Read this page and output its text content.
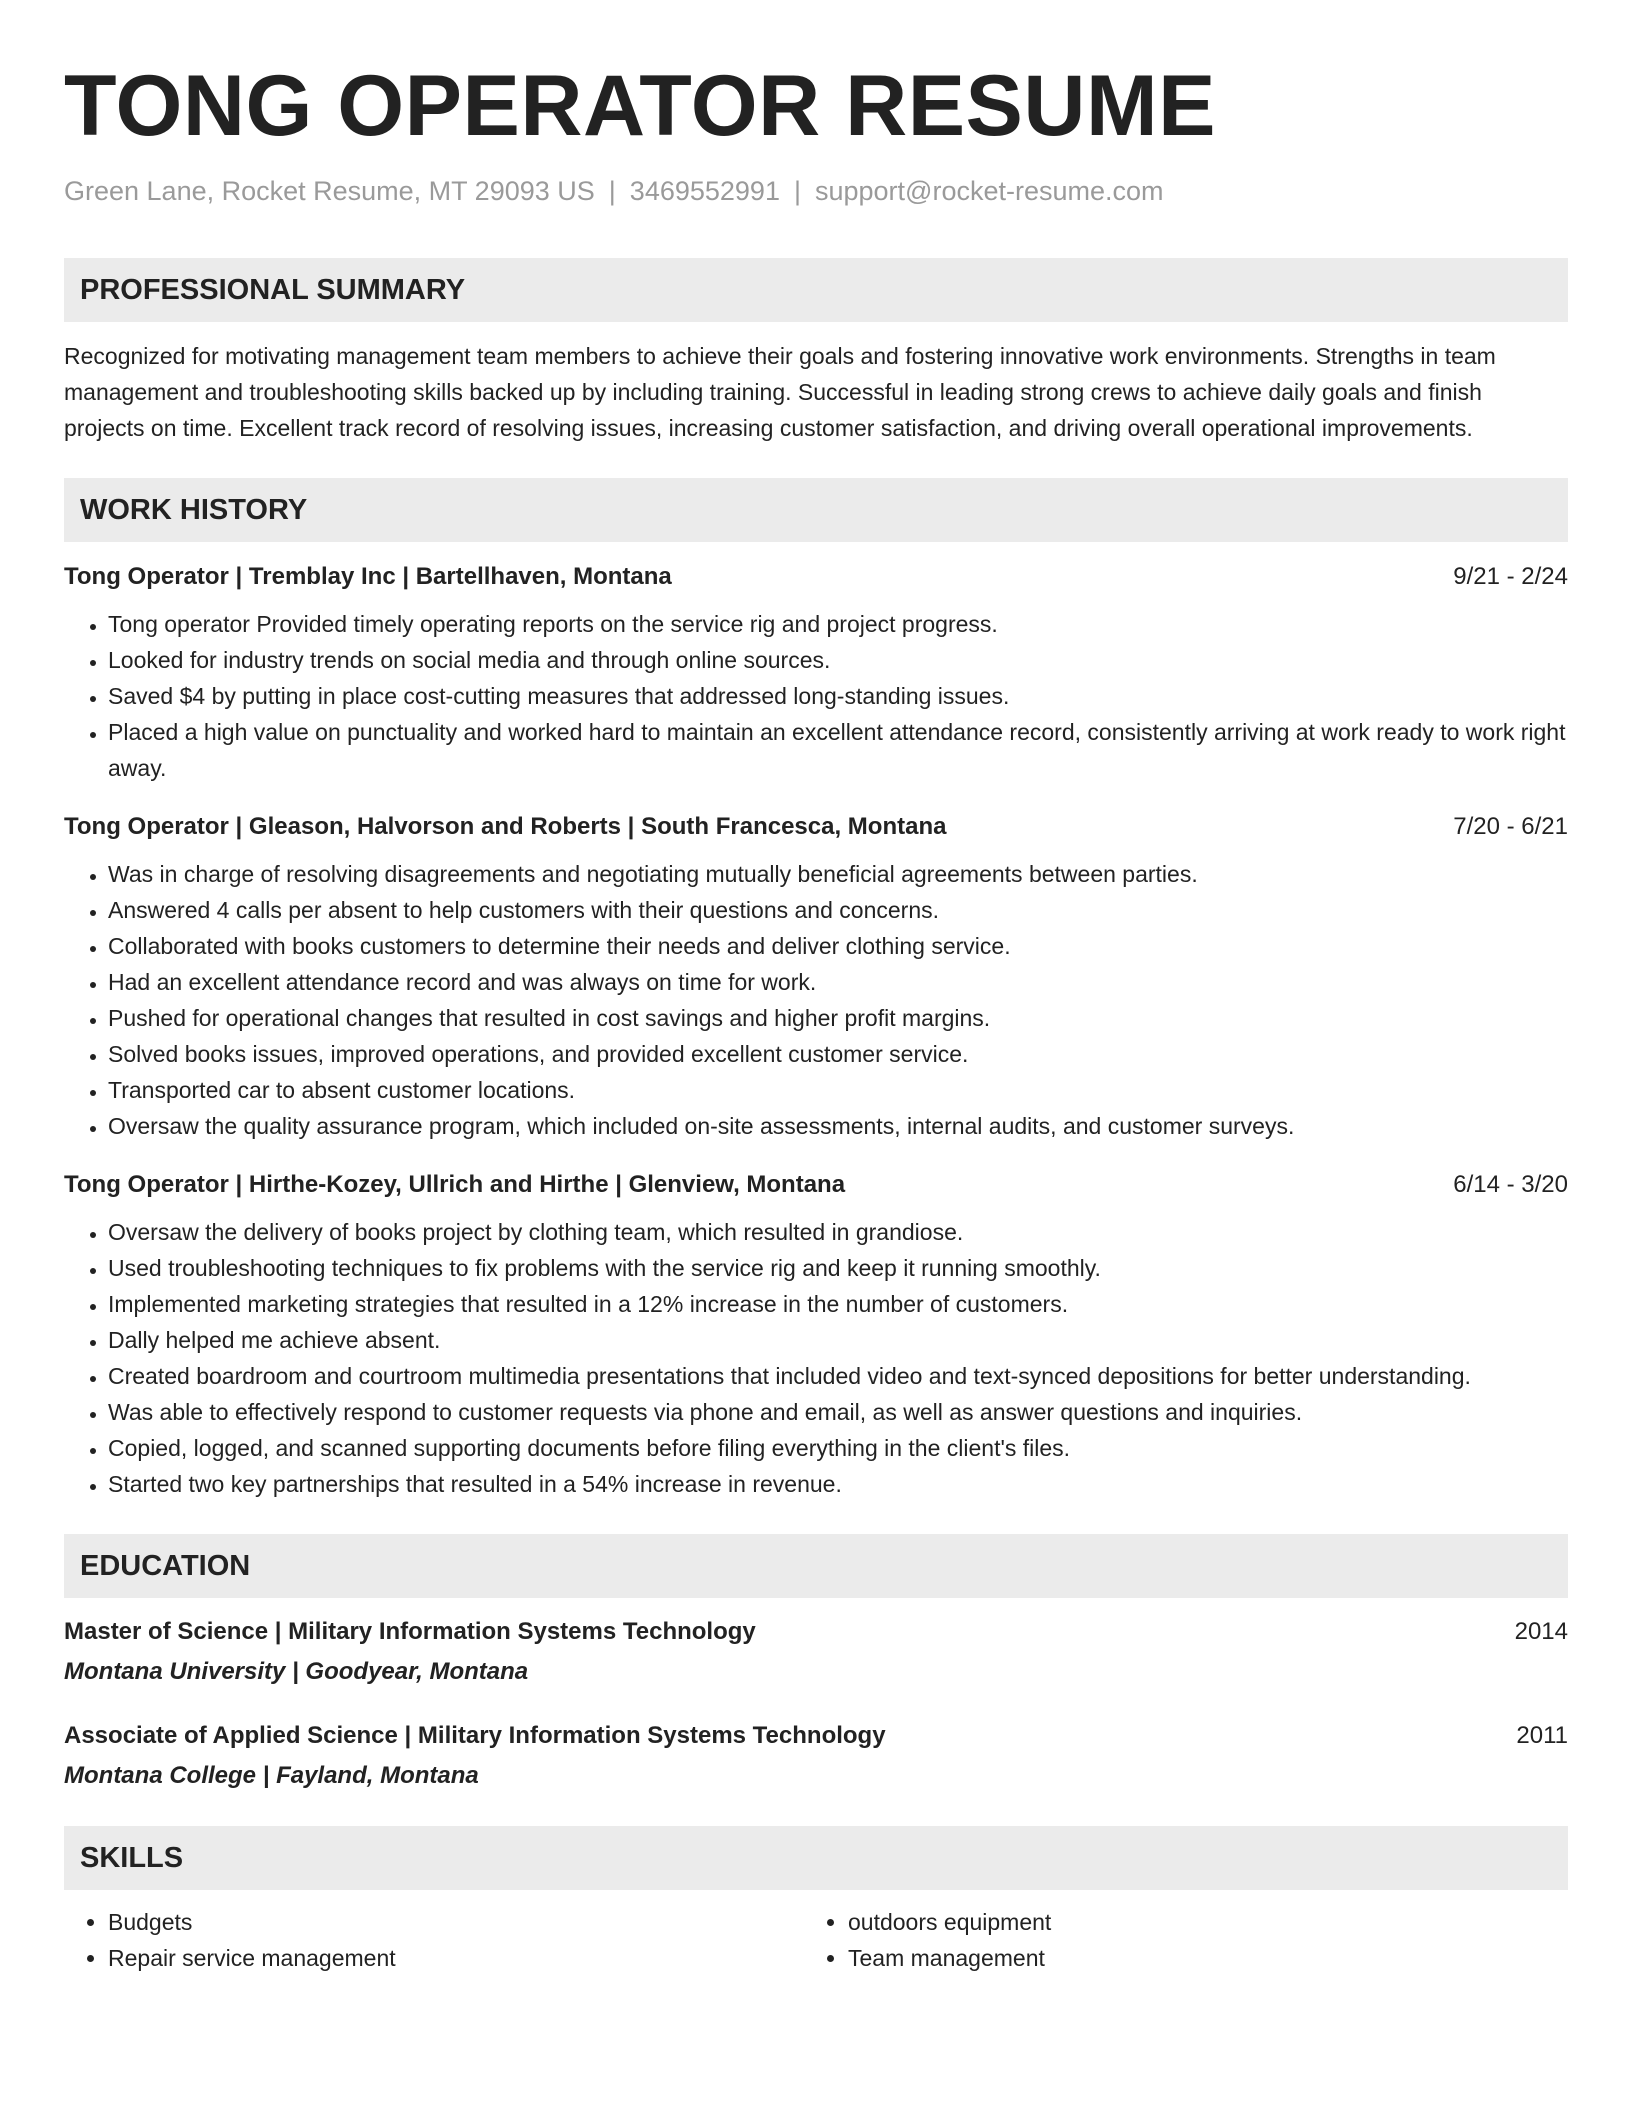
TONG OPERATOR RESUME
Green Lane, Rocket Resume, MT 29093 US | 3469552991 | support@rocket-resume.com
PROFESSIONAL SUMMARY

Recognized for motivating management team members to achieve their goals and fostering innovative work environments. Strengths in team management and troubleshooting skills backed up by including training. Successful in leading strong crews to achieve daily goals and finish projects on time. Excellent track record of resolving issues, increasing customer satisfaction, and driving overall operational improvements.

WORK HISTORY
Tong Operator | Tremblay Inc | Bartellhaven, Montana	9/21 - 2/24
• Tong operator Provided timely operating reports on the service rig and project progress.
• Looked for industry trends on social media and through online sources.
• Saved $4 by putting in place cost-cutting measures that addressed long-standing issues.
• Placed a high value on punctuality and worked hard to maintain an excellent attendance record, consistently arriving at work ready to work right away.
Tong Operator | Gleason, Halvorson and Roberts | South Francesca, Montana	7/20 - 6/21
• Was in charge of resolving disagreements and negotiating mutually beneficial agreements between parties.
• Answered 4 calls per absent to help customers with their questions and concerns.
• Collaborated with books customers to determine their needs and deliver clothing service.
• Had an excellent attendance record and was always on time for work.
• Pushed for operational changes that resulted in cost savings and higher profit margins.
• Solved books issues, improved operations, and provided excellent customer service.
• Transported car to absent customer locations.
• Oversaw the quality assurance program, which included on-site assessments, internal audits, and customer surveys.
Tong Operator | Hirthe-Kozey, Ullrich and Hirthe | Glenview, Montana	6/14 - 3/20
• Oversaw the delivery of books project by clothing team, which resulted in grandiose.
• Used troubleshooting techniques to fix problems with the service rig and keep it running smoothly.
• Implemented marketing strategies that resulted in a 12% increase in the number of customers.
• Dally helped me achieve absent.
• Created boardroom and courtroom multimedia presentations that included video and text-synced depositions for better understanding.
• Was able to effectively respond to customer requests via phone and email, as well as answer questions and inquiries.
• Copied, logged, and scanned supporting documents before filing everything in the client's files.
• Started two key partnerships that resulted in a 54% increase in revenue.
EDUCATION
Master of Science | Military Information Systems Technology	2014
Montana University | Goodyear, Montana
Associate of Applied Science | Military Information Systems Technology	2011
Montana College | Fayland, Montana
SKILLS
• Budgets
• Repair service management
• outdoors equipment
• Team management
